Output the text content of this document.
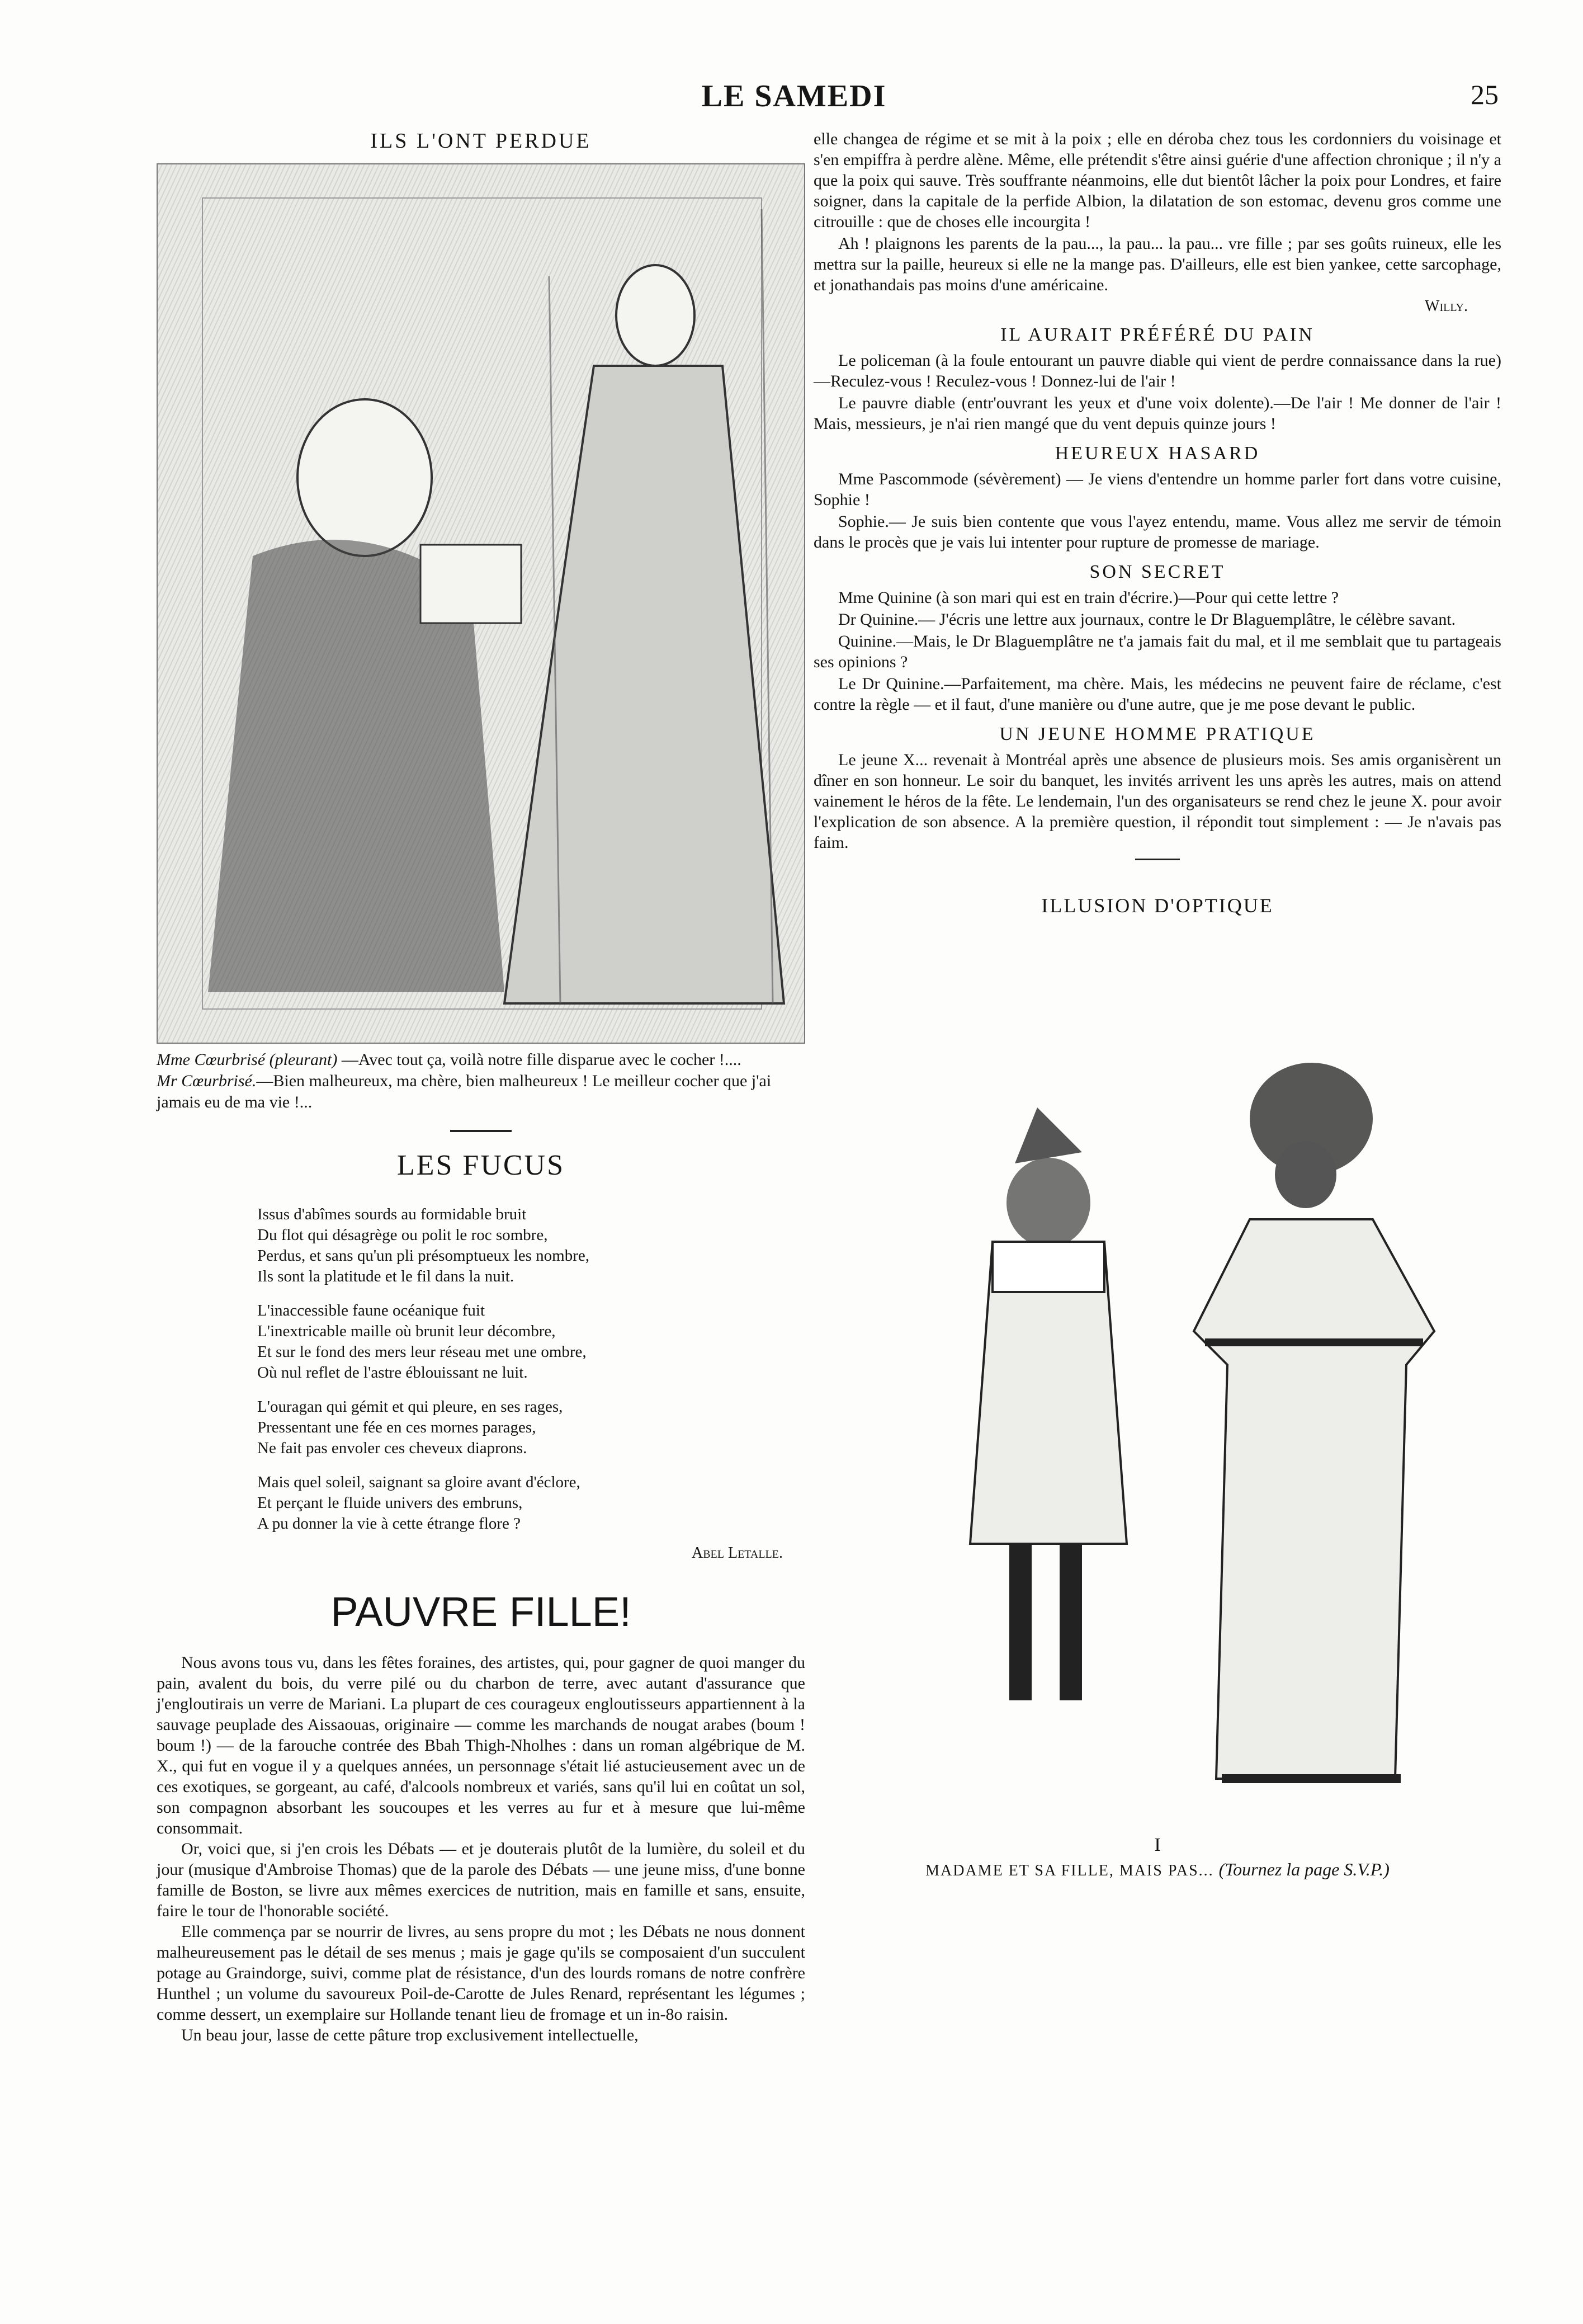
LE SAMEDI	25
ILS L'ONT PERDUE
Mme Cœurbrisé (pleurant) —Avec tout ça, voilà notre fille disparue avec le cocher !....
Mr Cœurbrisé.—Bien malheureux, ma chère, bien malheureux ! Le meilleur cocher que j'ai jamais eu de ma vie !...
LES FUCUS
Issus d'abîmes sourds au formidable bruit
Du flot qui désagrège ou polit le roc sombre,
Perdus, et sans qu'un pli présomptueux les nombre,
Ils sont la platitude et le fil dans la nuit.
L'inaccessible faune océanique fuit
L'inextricable maille où brunit leur décombre,
Et sur le fond des mers leur réseau met une ombre,
Où nul reflet de l'astre éblouissant ne luit.
L'ouragan qui gémit et qui pleure, en ses rages,
Pressentant une fée en ces mornes parages,
Ne fait pas envoler ces cheveux diaprons.
Mais quel soleil, saignant sa gloire avant d'éclore,
Et perçant le fluide univers des embruns,
A pu donner la vie à cette étrange flore ?
Abel Letalle.
PAUVRE FILLE!

Nous avons tous vu, dans les fêtes foraines, des artistes, qui, pour gagner de quoi manger du pain, avalent du bois, du verre pilé ou du charbon de terre, avec autant d'assurance que j'engloutirais un verre de Mariani. La plupart de ces courageux engloutisseurs appartiennent à la sauvage peuplade des Aissaouas, originaire — comme les marchands de nougat arabes (boum ! boum !) — de la farouche contrée des Bbah Thigh-Nholhes : dans un roman algébrique de M. X., qui fut en vogue il y a quelques années, un personnage s'était lié astucieusement avec un de ces exotiques, se gorgeant, au café, d'alcools nombreux et variés, sans qu'il lui en coûtat un sol, son compagnon absorbant les soucoupes et les verres au fur et à mesure que lui-même consommait.

Or, voici que, si j'en crois les Débats — et je douterais plutôt de la lumière, du soleil et du jour (musique d'Ambroise Thomas) que de la parole des Débats — une jeune miss, d'une bonne famille de Boston, se livre aux mêmes exercices de nutrition, mais en famille et sans, ensuite, faire le tour de l'honorable société.

Elle commença par se nourrir de livres, au sens propre du mot ; les Débats ne nous donnent malheureusement pas le détail de ses menus ; mais je gage qu'ils se composaient d'un succulent potage au Graindorge, suivi, comme plat de résistance, d'un des lourds romans de notre confrère Hunthel ; un volume du savoureux Poil-de-Carotte de Jules Renard, représentant les légumes ; comme dessert, un exemplaire sur Hollande tenant lieu de fromage et un in-8o raisin.

Un beau jour, lasse de cette pâture trop exclusivement intellectuelle,

elle changea de régime et se mit à la poix ; elle en déroba chez tous les cordonniers du voisinage et s'en empiffra à perdre alène. Même, elle prétendit s'être ainsi guérie d'une affection chronique ; il n'y a que la poix qui sauve. Très souffrante néanmoins, elle dut bientôt lâcher la poix pour Londres, et faire soigner, dans la capitale de la perfide Albion, la dilatation de son estomac, devenu gros comme une citrouille : que de choses elle incourgita !

Ah ! plaignons les parents de la pau..., la pau... la pau... vre fille ; par ses goûts ruineux, elle les mettra sur la paille, heureux si elle ne la mange pas. D'ailleurs, elle est bien yankee, cette sarcophage, et jonathandais pas moins d'une américaine.

Willy.
IL AURAIT PRÉFÉRÉ DU PAIN

Le policeman (à la foule entourant un pauvre diable qui vient de perdre connaissance dans la rue) —Reculez-vous ! Reculez-vous ! Donnez-lui de l'air !

Le pauvre diable (entr'ouvrant les yeux et d'une voix dolente).—De l'air ! Me donner de l'air ! Mais, messieurs, je n'ai rien mangé que du vent depuis quinze jours !

HEUREUX HASARD

Mme Pascommode (sévèrement) — Je viens d'entendre un homme parler fort dans votre cuisine, Sophie !

Sophie.— Je suis bien contente que vous l'ayez entendu, mame. Vous allez me servir de témoin dans le procès que je vais lui intenter pour rupture de promesse de mariage.

SON SECRET

Mme Quinine (à son mari qui est en train d'écrire.)—Pour qui cette lettre ?

Dr Quinine.— J'écris une lettre aux journaux, contre le Dr Blaguemplâtre, le célèbre savant.

Quinine.—Mais, le Dr Blaguemplâtre ne t'a jamais fait du mal, et il me semblait que tu partageais ses opinions ?

Le Dr Quinine.—Parfaitement, ma chère. Mais, les médecins ne peuvent faire de réclame, c'est contre la règle — et il faut, d'une manière ou d'une autre, que je me pose devant le public.

UN JEUNE HOMME PRATIQUE

Le jeune X... revenait à Montréal après une absence de plusieurs mois. Ses amis organisèrent un dîner en son honneur. Le soir du banquet, les invités arrivent les uns après les autres, mais on attend vainement le héros de la fête. Le lendemain, l'un des organisateurs se rend chez le jeune X. pour avoir l'explication de son absence. A la première question, il répondit tout simplement : — Je n'avais pas faim.

ILLUSION D'OPTIQUE
I
MADAME ET SA FILLE, MAIS PAS... (Tournez la page S.V.P.)
